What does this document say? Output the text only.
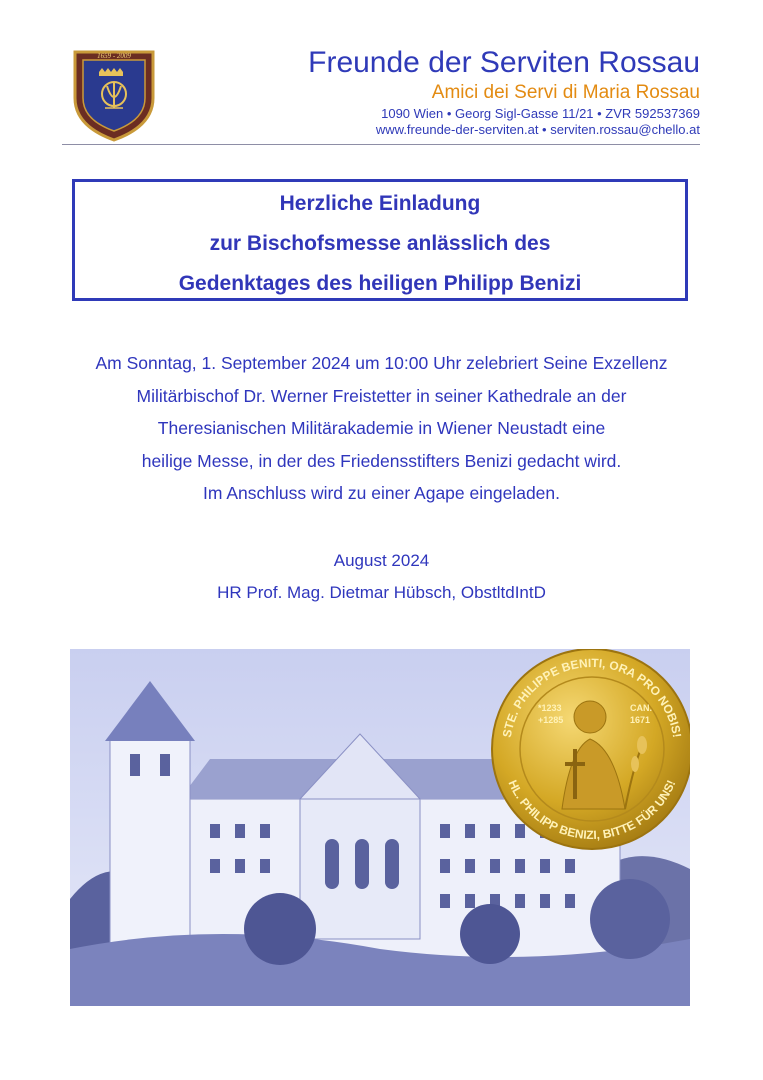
1659 - 2009	Freunde der Serviten Rossau
Amici dei Servi di Maria Rossau
1090 Wien • Georg Sigl-Gasse 11/21 • ZVR 592537369
www.freunde-der-serviten.at • serviten.rossau@chello.at
Herzliche Einladung
zur Bischofsmesse anlässlich des
Gedenktages des heiligen Philipp Benizi
Am Sonntag, 1. September 2024 um 10:00 Uhr zelebriert Seine Exzellenz
Militärbischof Dr. Werner Freistetter in seiner Kathedrale an der
Theresianischen Militärakademie in Wiener Neustadt eine
heilige Messe, in der des Friedensstifters Benizi gedacht wird.
Im Anschluss wird zu einer Agape eingeladen.
August 2024
HR Prof. Mag. Dietmar Hübsch, ObstltdIntD
STE. PHILIPPE BENITI, ORA PRO NOBIS!
HL. PHILIPP BENIZI, BITTE FÜR UNS!
*1233
+1285
CAN.
1671
